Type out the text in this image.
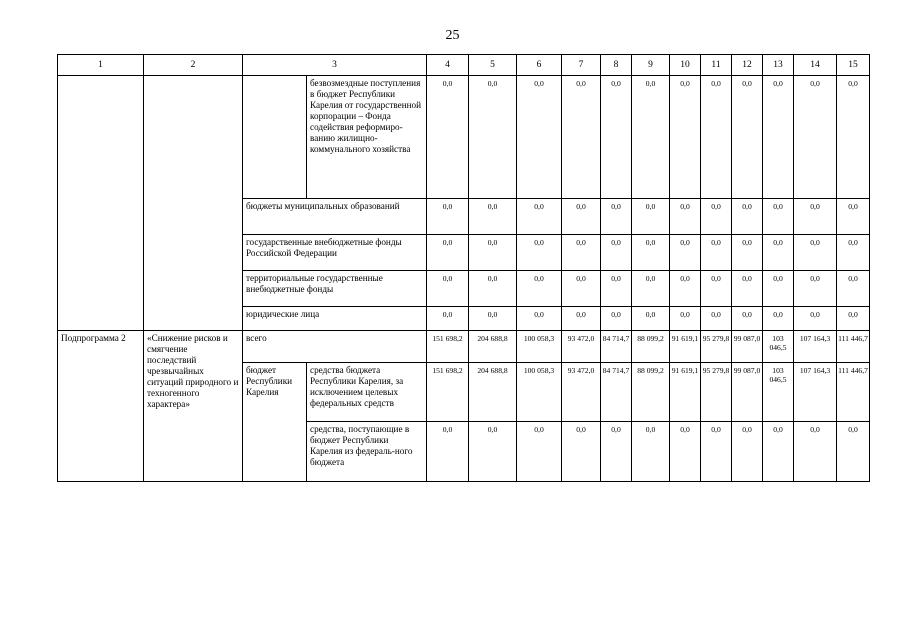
25
1	2	3		4	5	6	7	8	9	10	11	12	13	14	15
			безвозмездные поступления в бюджет Республики Карелия от государственной корпорации – Фонда содействия реформиро-ванию жилищно-коммунального хозяйства	0,0	0,0	0,0	0,0	0,0	0,0	0,0	0,0	0,0	0,0	0,0	0,0
		бюджеты муниципальных образований		0,0	0,0	0,0	0,0	0,0	0,0	0,0	0,0	0,0	0,0	0,0	0,0
		государственные внебюджетные фонды Российской Федерации		0,0	0,0	0,0	0,0	0,0	0,0	0,0	0,0	0,0	0,0	0,0	0,0
		территориальные государственные внебюджетные фонды		0,0	0,0	0,0	0,0	0,0	0,0	0,0	0,0	0,0	0,0	0,0	0,0
		юридические лица		0,0	0,0	0,0	0,0	0,0	0,0	0,0	0,0	0,0	0,0	0,0	0,0
Подпрограмма 2	«Снижение рисков и смягчение последствий чрезвычайных ситуаций природного и техногенного характера»	всего		151 698,2	204 688,8	100 058,3	93 472,0	84 714,7	88 099,2	91 619,1	95 279,8	99 087,0	103 046,5	107 164,3	111 446,7
		бюджет Республики Карелия	средства бюджета Республики Карелия, за исключением целевых федеральных средств	151 698,2	204 688,8	100 058,3	93 472,0	84 714,7	88 099,2	91 619,1	95 279,8	99 087,0	103 046,5	107 164,3	111 446,7
			средства, поступающие в бюджет Республики Карелия из федераль-ного бюджета	0,0	0,0	0,0	0,0	0,0	0,0	0,0	0,0	0,0	0,0	0,0	0,0
